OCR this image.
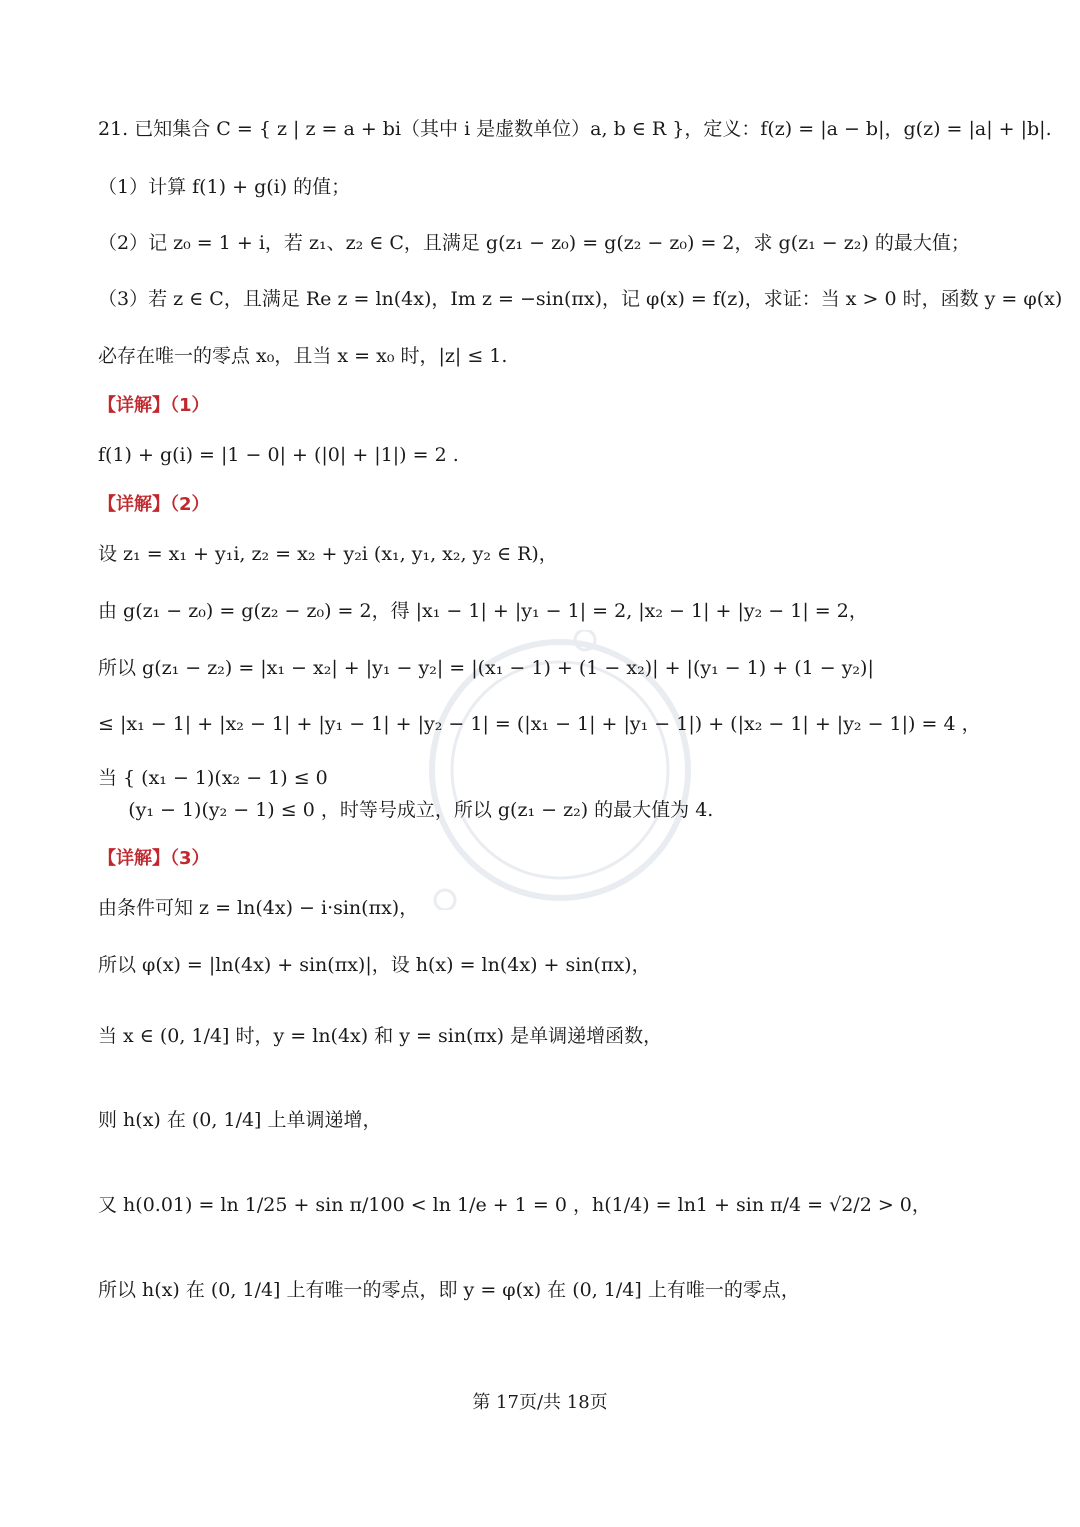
21. 已知集合 C = { z | z = a + bi（其中 i 是虚数单位）a, b ∈ R }，定义：f(z) = |a − b|，g(z) = |a| + |b|.
（1）计算 f(1) + g(i) 的值；
（2）记 z₀ = 1 + i，若 z₁、z₂ ∈ C，且满足 g(z₁ − z₀) = g(z₂ − z₀) = 2，求 g(z₁ − z₂) 的最大值；
（3）若 z ∈ C，且满足 Re z = ln(4x)，Im z = −sin(πx)，记 φ(x) = f(z)，求证：当 x > 0 时，函数 y = φ(x)
必存在唯一的零点 x₀，且当 x = x₀ 时，|z| ≤ 1.
【详解】（1）
f(1) + g(i) = |1 − 0| + (|0| + |1|) = 2 .
【详解】（2）
设 z₁ = x₁ + y₁i, z₂ = x₂ + y₂i (x₁, y₁, x₂, y₂ ∈ R)，
由 g(z₁ − z₀) = g(z₂ − z₀) = 2，得 |x₁ − 1| + |y₁ − 1| = 2, |x₂ − 1| + |y₂ − 1| = 2，
所以 g(z₁ − z₂) = |x₁ − x₂| + |y₁ − y₂| = |(x₁ − 1) + (1 − x₂)| + |(y₁ − 1) + (1 − y₂)|
≤ |x₁ − 1| + |x₂ − 1| + |y₁ − 1| + |y₂ − 1| = (|x₁ − 1| + |y₁ − 1|) + (|x₂ − 1| + |y₂ − 1|) = 4 ，
当 { (x₁ − 1)(x₂ − 1) ≤ 0
(y₁ − 1)(y₂ − 1) ≤ 0 ，时等号成立，所以 g(z₁ − z₂) 的最大值为 4.
【详解】（3）
由条件可知 z = ln(4x) − i·sin(πx)，
所以 φ(x) = |ln(4x) + sin(πx)|，设 h(x) = ln(4x) + sin(πx)，
当 x ∈ (0, 1/4] 时，y = ln(4x) 和 y = sin(πx) 是单调递增函数，
则 h(x) 在 (0, 1/4] 上单调递增，
又 h(0.01) = ln 1/25 + sin π/100 < ln 1/e + 1 = 0 ，h(1/4) = ln1 + sin π/4 = √2/2 > 0，
所以 h(x) 在 (0, 1/4] 上有唯一的零点，即 y = φ(x) 在 (0, 1/4] 上有唯一的零点，
第 17页/共 18页
